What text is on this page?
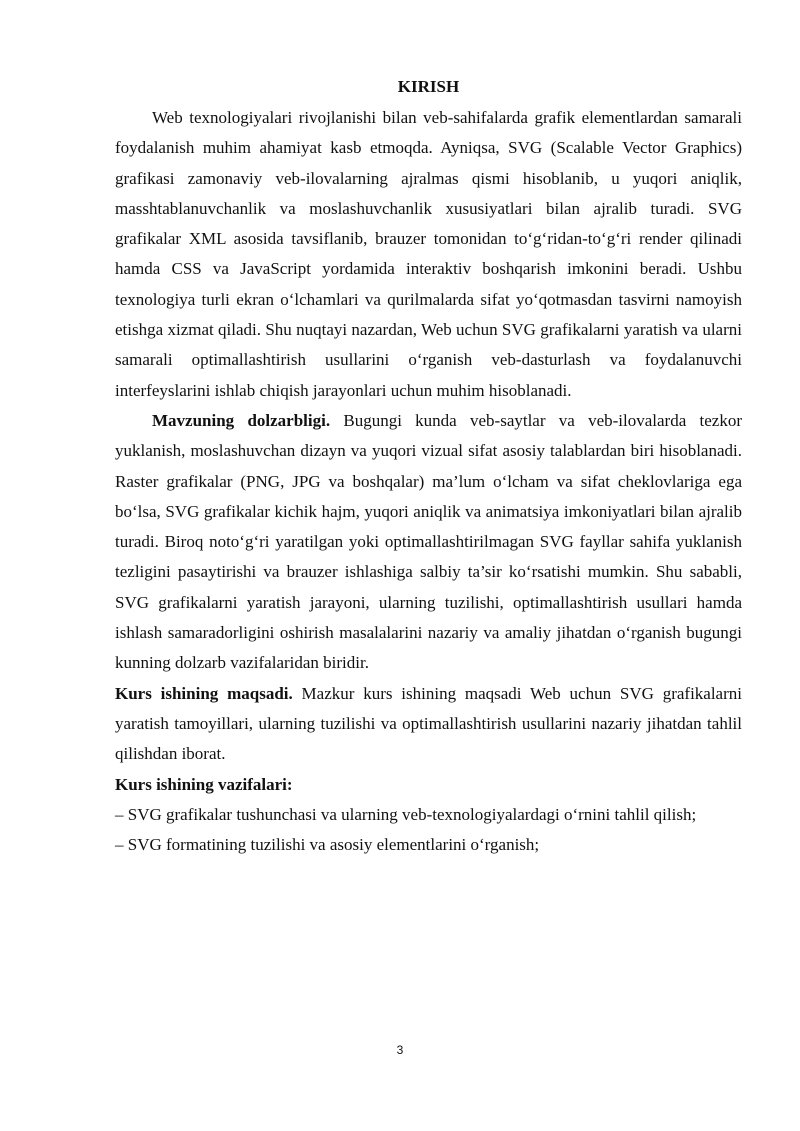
KIRISH

Web texnologiyalari rivojlanishi bilan veb-sahifalarda grafik elementlardan samarali foydalanish muhim ahamiyat kasb etmoqda. Ayniqsa, SVG (Scalable Vector Graphics) grafikasi zamonaviy veb-ilovalarning ajralmas qismi hisoblanib, u yuqori aniqlik, masshtablanuvchanlik va moslashuvchanlik xususiyatlari bilan ajralib turadi. SVG grafikalar XML asosida tavsiflanib, brauzer tomonidan to‘g‘ridan-to‘g‘ri render qilinadi hamda CSS va JavaScript yordamida interaktiv boshqarish imkonini beradi. Ushbu texnologiya turli ekran o‘lchamlari va qurilmalarda sifat yo‘qotmasdan tasvirni namoyish etishga xizmat qiladi. Shu nuqtayi nazardan, Web uchun SVG grafikalarni yaratish va ularni samarali optimallashtirish usullarini o‘rganish veb-dasturlash va foydalanuvchi interfeyslarini ishlab chiqish jarayonlari uchun muhim hisoblanadi.

Mavzuning dolzarbligi. Bugungi kunda veb-saytlar va veb-ilovalarda tezkor yuklanish, moslashuvchan dizayn va yuqori vizual sifat asosiy talablardan biri hisoblanadi. Raster grafikalar (PNG, JPG va boshqalar) ma’lum o‘lcham va sifat cheklovlariga ega bo‘lsa, SVG grafikalar kichik hajm, yuqori aniqlik va animatsiya imkoniyatlari bilan ajralib turadi. Biroq noto‘g‘ri yaratilgan yoki optimallashtirilmagan SVG fayllar sahifa yuklanish tezligini pasaytirishi va brauzer ishlashiga salbiy ta’sir ko‘rsatishi mumkin. Shu sababli, SVG grafikalarni yaratish jarayoni, ularning tuzilishi, optimallashtirish usullari hamda ishlash samaradorligini oshirish masalalarini nazariy va amaliy jihatdan o‘rganish bugungi kunning dolzarb vazifalaridan biridir.

Kurs ishining maqsadi. Mazkur kurs ishining maqsadi Web uchun SVG grafikalarni yaratish tamoyillari, ularning tuzilishi va optimallashtirish usullarini nazariy jihatdan tahlil qilishdan iborat.

Kurs ishining vazifalari:

– SVG grafikalar tushunchasi va ularning veb-texnologiyalardagi o‘rnini tahlil qilish;

– SVG formatining tuzilishi va asosiy elementlarini o‘rganish;

3
